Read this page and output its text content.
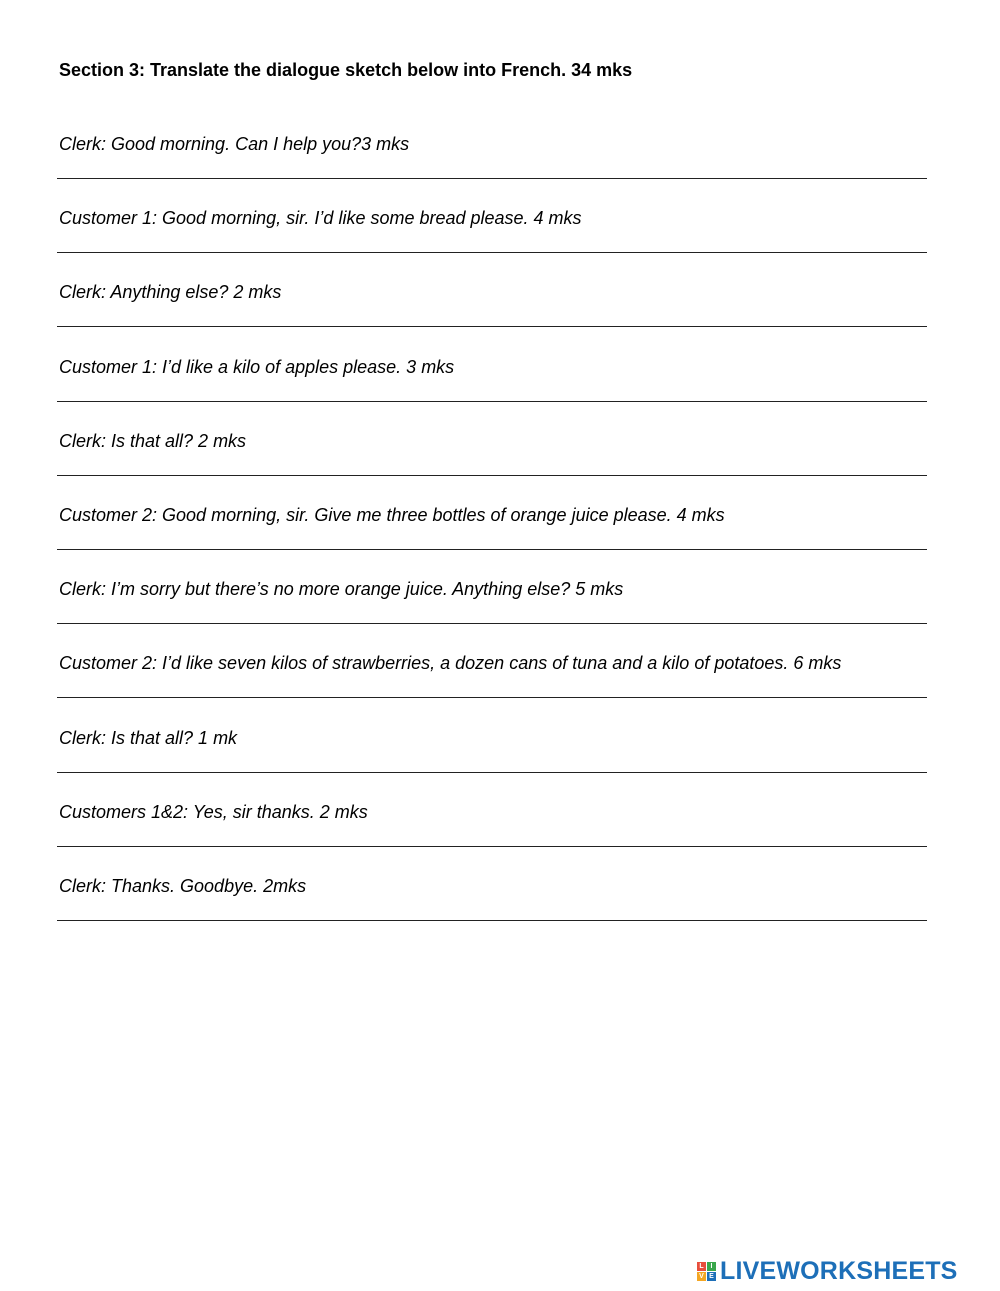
Section 3: Translate the dialogue sketch below into French. 34 mks
Clerk: Good morning. Can I help you?3 mks
Customer 1: Good morning, sir. I’d like some bread please. 4 mks
Clerk: Anything else? 2 mks
Customer 1: I’d like a kilo of apples please. 3 mks
Clerk: Is that all? 2 mks
Customer 2: Good morning, sir. Give me three bottles of orange juice please. 4 mks
Clerk: I’m sorry but there’s no more orange juice. Anything else? 5 mks
Customer 2: I’d like seven kilos of strawberries, a dozen cans of tuna and a kilo of potatoes. 6 mks
Clerk: Is that all? 1 mk
Customers 1&2: Yes, sir thanks. 2 mks
Clerk: Thanks. Goodbye. 2mks
L I
V E LIVEWORKSHEETS
